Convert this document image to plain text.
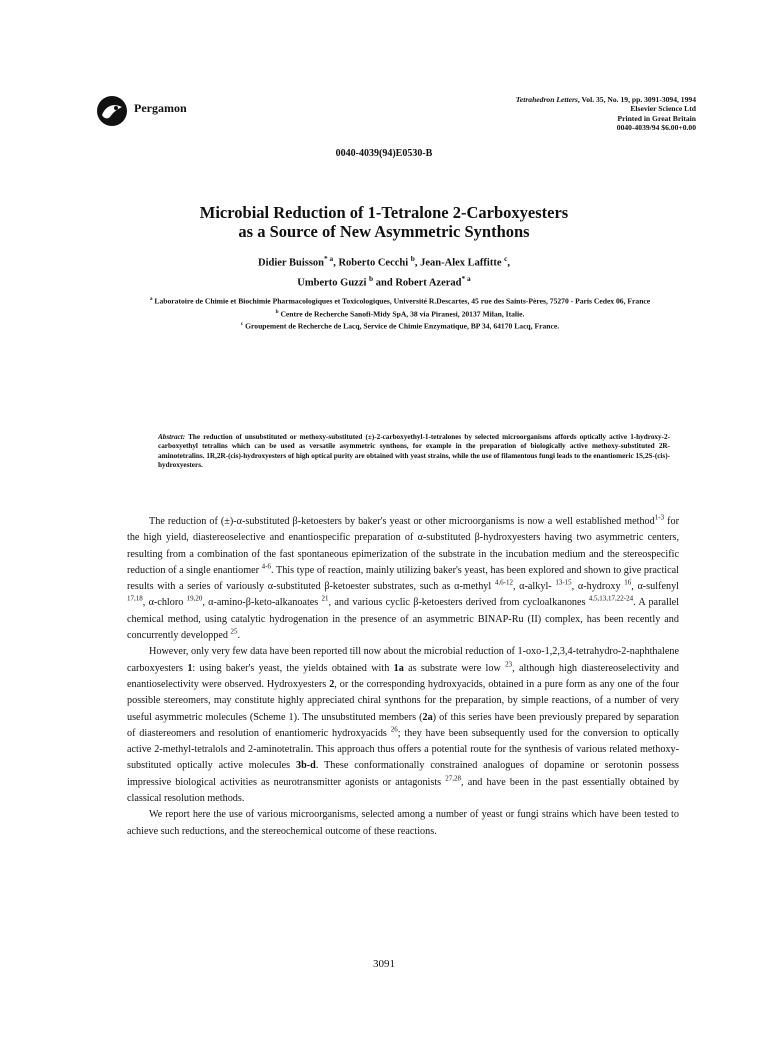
Pergamon
Tetrahedron Letters, Vol. 35, No. 19, pp. 3091-3094, 1994
Elsevier Science Ltd
Printed in Great Britain
0040-4039/94 $6.00+0.00
0040-4039(94)E0530-B
Microbial Reduction of 1-Tetralone 2-Carboxyesters
as a Source of New Asymmetric Synthons
Didier Buisson$^{* a}$, Roberto Cecchi $^b$, Jean-Alex Laffitte $^c$,
Umberto Guzzi $^b$ and Robert Azerad$^{* a}$
$^a$ Laboratoire de Chimie et Biochimie Pharmacologiques et Toxicologiques, Université R.Descartes, 45 rue des Saints-Pères, 75270 - Paris Cedex 06, France
$^b$ Centre de Recherche Sanofi-Midy SpA, 38 via Piranesi, 20137 Milan, Italie.
$^c$ Groupement de Recherche de Lacq, Service de Chimie Enzymatique, BP 34, 64170 Lacq, France.
Abstract: The reduction of unsubstituted or methoxy-substituted (±)-2-carboxyethyl-1-tetralones by selected microorganisms affords optically active 1-hydroxy-2-carboxyethyl tetralins which can be used as versatile asymmetric synthons, for example in the preparation of biologically active methoxy-substituted 2R-aminotetralins. 1R,2R-(cis)-hydroxyesters of high optical purity are obtained with yeast strains, while the use of filamentous fungi leads to the enantiomeric 1S,2S-(cis)-hydroxyesters.

The reduction of (±)-α-substituted β-ketoesters by baker's yeast or other microorganisms is now a well established method$^{1-3}$ for the high yield, diastereoselective and enantiospecific preparation of α-substituted β-hydroxyesters having two asymmetric centers, resulting from a combination of the fast spontaneous epimerization of the substrate in the incubation medium and the stereospecific reduction of a single enantiomer $^{4-6}$. This type of reaction, mainly utilizing baker's yeast, has been explored and shown to give practical results with a series of variously α-substituted β-ketoester substrates, such as α-methyl $^{4,6-12}$, α-alkyl- $^{13-15}$, α-hydroxy $^{16}$, α-sulfenyl $^{17,18}$, α-chloro $^{19,20}$, α-amino-β-keto-alkanoates $^{21}$, and various cyclic β-ketoesters derived from cycloalkanones $^{4,5,13,17,22-24}$. A parallel chemical method, using catalytic hydrogenation in the presence of an asymmetric BINAP-Ru (II) complex, has been recently and concurrently developped $^{25}$.

However, only very few data have been reported till now about the microbial reduction of 1-oxo-1,2,3,4-tetrahydro-2-naphthalene carboxyesters 1: using baker's yeast, the yields obtained with 1a as substrate were low $^{23}$, although high diastereoselectivity and enantioselectivity were observed. Hydroxyesters 2, or the corresponding hydroxyacids, obtained in a pure form as any one of the four possible stereomers, may constitute highly appreciated chiral synthons for the preparation, by simple reactions, of a number of very useful asymmetric molecules (Scheme 1). The unsubstituted members (2a) of this series have been previously prepared by separation of diastereomers and resolution of enantiomeric hydroxyacids $^{26}$; they have been subsequently used for the conversion to optically active 2-methyl-tetralols and 2-aminotetralin. This approach thus offers a potential route for the synthesis of various related methoxy-substituted optically active molecules 3b-d. These conformationally constrained analogues of dopamine or serotonin possess impressive biological activities as neurotransmitter agonists or antagonists $^{27,28}$, and have been in the past essentially obtained by classical resolution methods.

We report here the use of various microorganisms, selected among a number of yeast or fungi strains which have been tested to achieve such reductions, and the stereochemical outcome of these reactions.

3091
